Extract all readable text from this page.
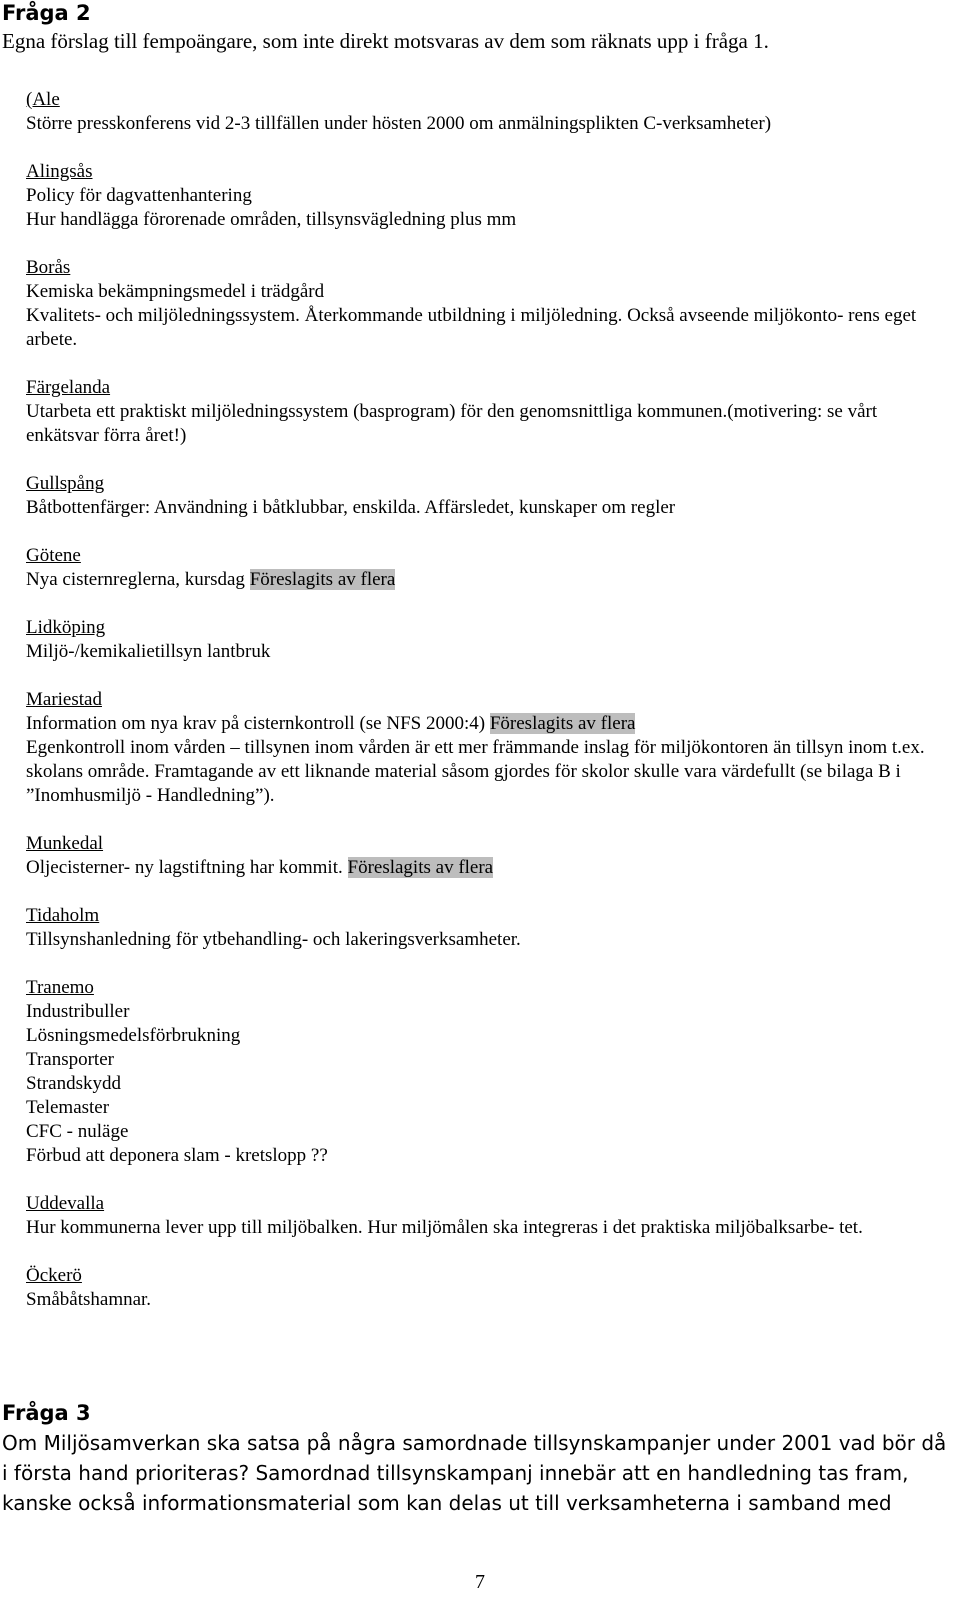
Fråga 2

Egna förslag till fempoängare, som inte direkt motsvaras av dem som räknats upp i fråga 1.

(Ale
Större presskonferens vid 2-3 tillfällen under hösten 2000 om anmälningsplikten C-verksamheter)
Alingsås
Policy för dagvattenhantering
Hur handlägga förorenade områden, tillsynsvägledning plus mm
Borås
Kemiska bekämpningsmedel i trädgård
Kvalitets- och miljöledningssystem. Återkommande utbildning i miljöledning. Också avseende miljökonto- rens eget arbete.
Färgelanda
Utarbeta ett praktiskt miljöledningssystem (basprogram) för den genomsnittliga kommunen.(motivering: se vårt enkätsvar förra året!)
Gullspång
Båtbottenfärger: Användning i båtklubbar, enskilda. Affärsledet, kunskaper om regler
Götene
Nya cisternreglerna, kursdag Föreslagits av flera
Lidköping
Miljö-/kemikalietillsyn lantbruk
Mariestad
Information om nya krav på cisternkontroll (se NFS 2000:4) Föreslagits av flera
Egenkontroll inom vården – tillsynen inom vården är ett mer främmande inslag för miljökontoren än tillsyn inom t.ex. skolans område. Framtagande av ett liknande material såsom gjordes för skolor skulle vara värdefullt (se bilaga B i ”Inomhusmiljö - Handledning”).
Munkedal
Oljecisterner- ny lagstiftning har kommit. Föreslagits av flera
Tidaholm
Tillsynshanledning för ytbehandling- och lakeringsverksamheter.
Tranemo
Industribuller
Lösningsmedelsförbrukning
Transporter
Strandskydd
Telemaster
CFC - nuläge
Förbud att deponera slam - kretslopp ??
Uddevalla
Hur kommunerna lever upp till miljöbalken. Hur miljömålen ska integreras i det praktiska miljöbalksarbe- tet.
Öckerö
Småbåtshamnar.
Fråga 3

Om Miljösamverkan ska satsa på några samordnade tillsynskampanjer under 2001 vad bör då i första hand prioriteras? Samordnad tillsynskampanj innebär att en handledning tas fram, kanske också informationsmaterial som kan delas ut till verksamheterna i samband med

7
